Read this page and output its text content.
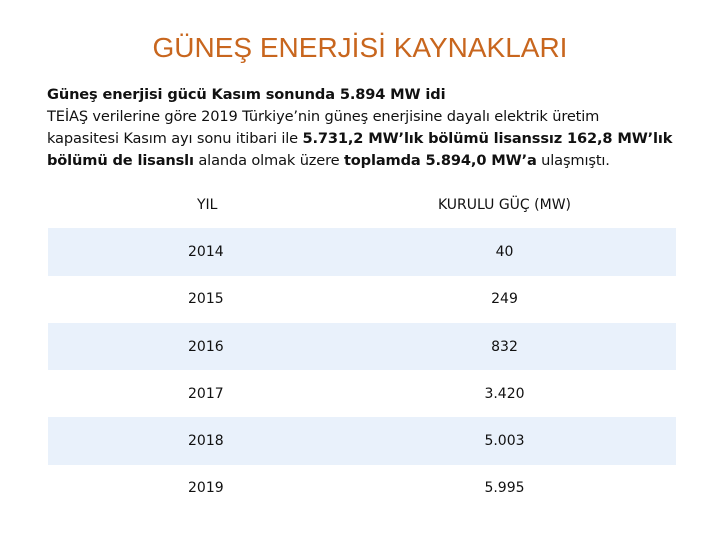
GÜNEŞ ENERJİSİ KAYNAKLARI
Güneş enerjisi gücü Kasım sonunda 5.894 MW idi
TEİAŞ verilerine göre 2019 Türkiye’nin güneş enerjisine dayalı elektrik üretim
kapasitesi Kasım ayı sonu itibari ile 5.731,2 MW’lık bölümü lisanssız 162,8 MW’lık
bölümü de lisanslı alanda olmak üzere toplamda 5.894,0 MW’a ulaşmıştı.
YIL	KURULU GÜÇ (MW)
2014	40
2015	249
2016	832
2017	3.420
2018	5.003
2019	5.995
